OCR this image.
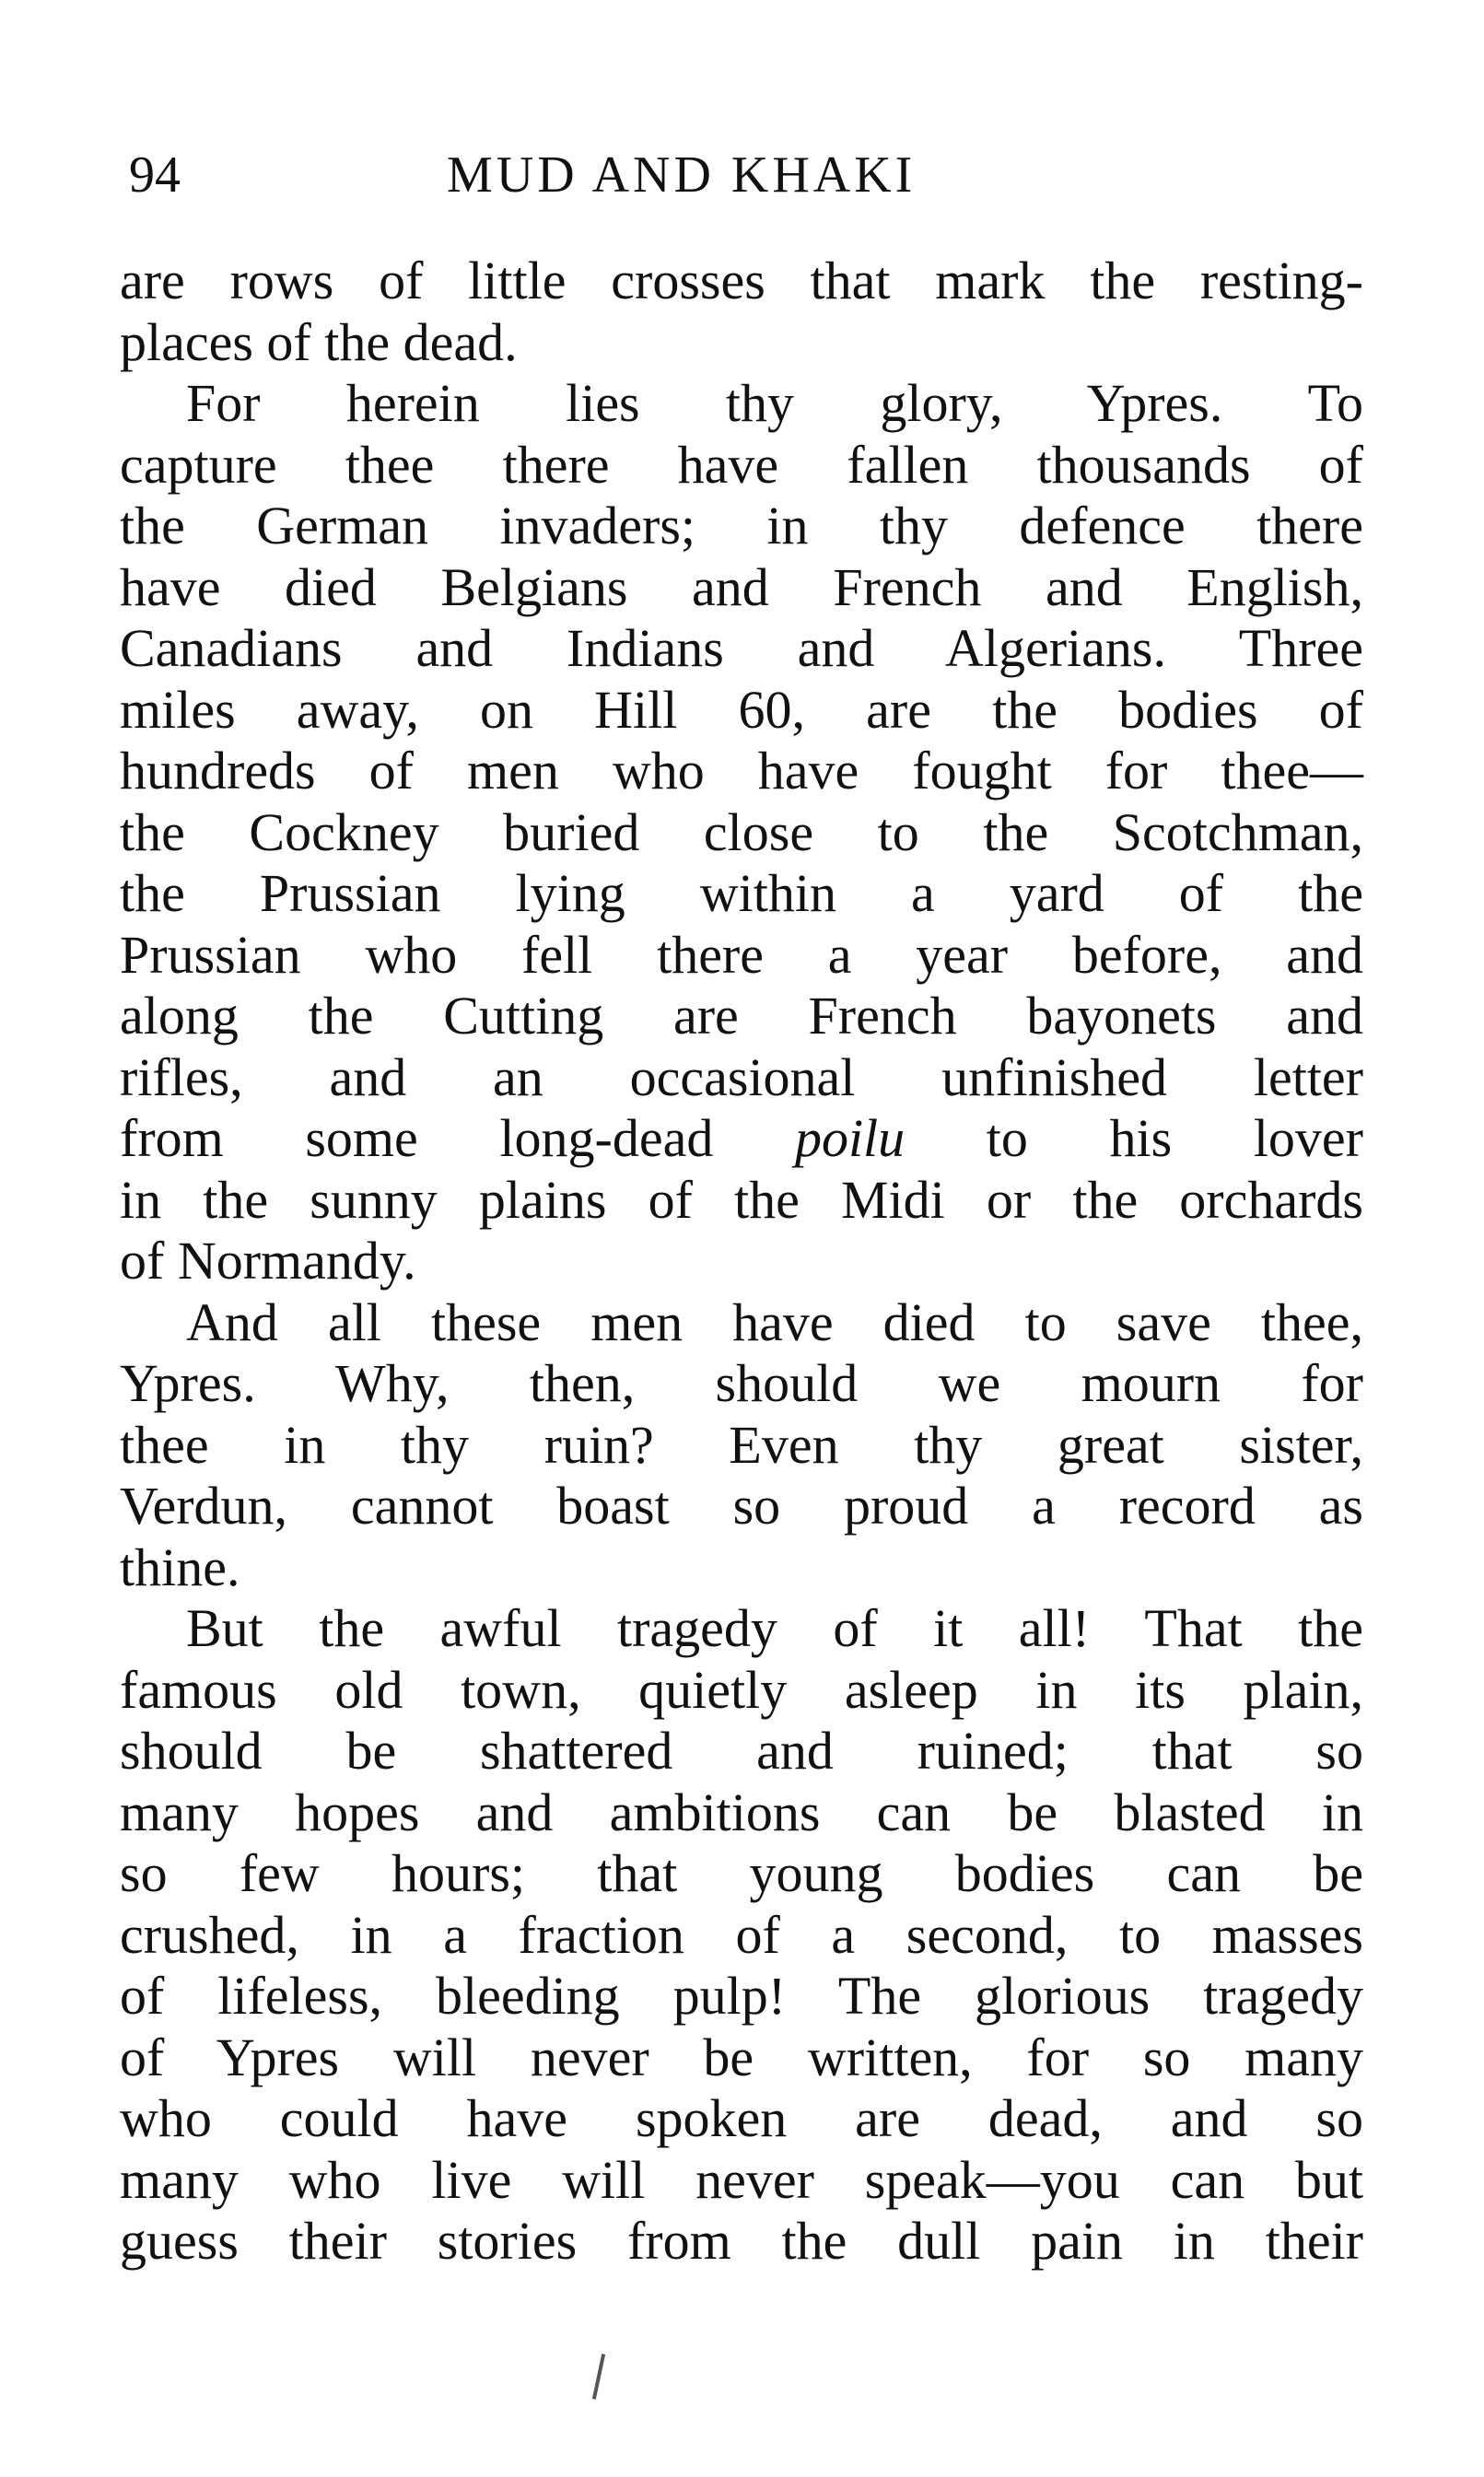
94	MUD AND KHAKI
are rows of little crosses that mark the resting-
places of the dead.
For herein lies thy glory, Ypres. To
capture thee there have fallen thousands of
the German invaders; in thy defence there
have died Belgians and French and English,
Canadians and Indians and Algerians. Three
miles away, on Hill 60, are the bodies of
hundreds of men who have fought for thee—
the Cockney buried close to the Scotchman,
the Prussian lying within a yard of the
Prussian who fell there a year before, and
along the Cutting are French bayonets and
rifles, and an occasional unfinished letter
from some long-dead poilu to his lover
in the sunny plains of the Midi or the orchards
of Normandy.
And all these men have died to save thee,
Ypres. Why, then, should we mourn for
thee in thy ruin? Even thy great sister,
Verdun, cannot boast so proud a record as
thine.
But the awful tragedy of it all! That the
famous old town, quietly asleep in its plain,
should be shattered and ruined; that so
many hopes and ambitions can be blasted in
so few hours; that young bodies can be
crushed, in a fraction of a second, to masses
of lifeless, bleeding pulp! The glorious tragedy
of Ypres will never be written, for so many
who could have spoken are dead, and so
many who live will never speak—you can but
guess their stories from the dull pain in their
